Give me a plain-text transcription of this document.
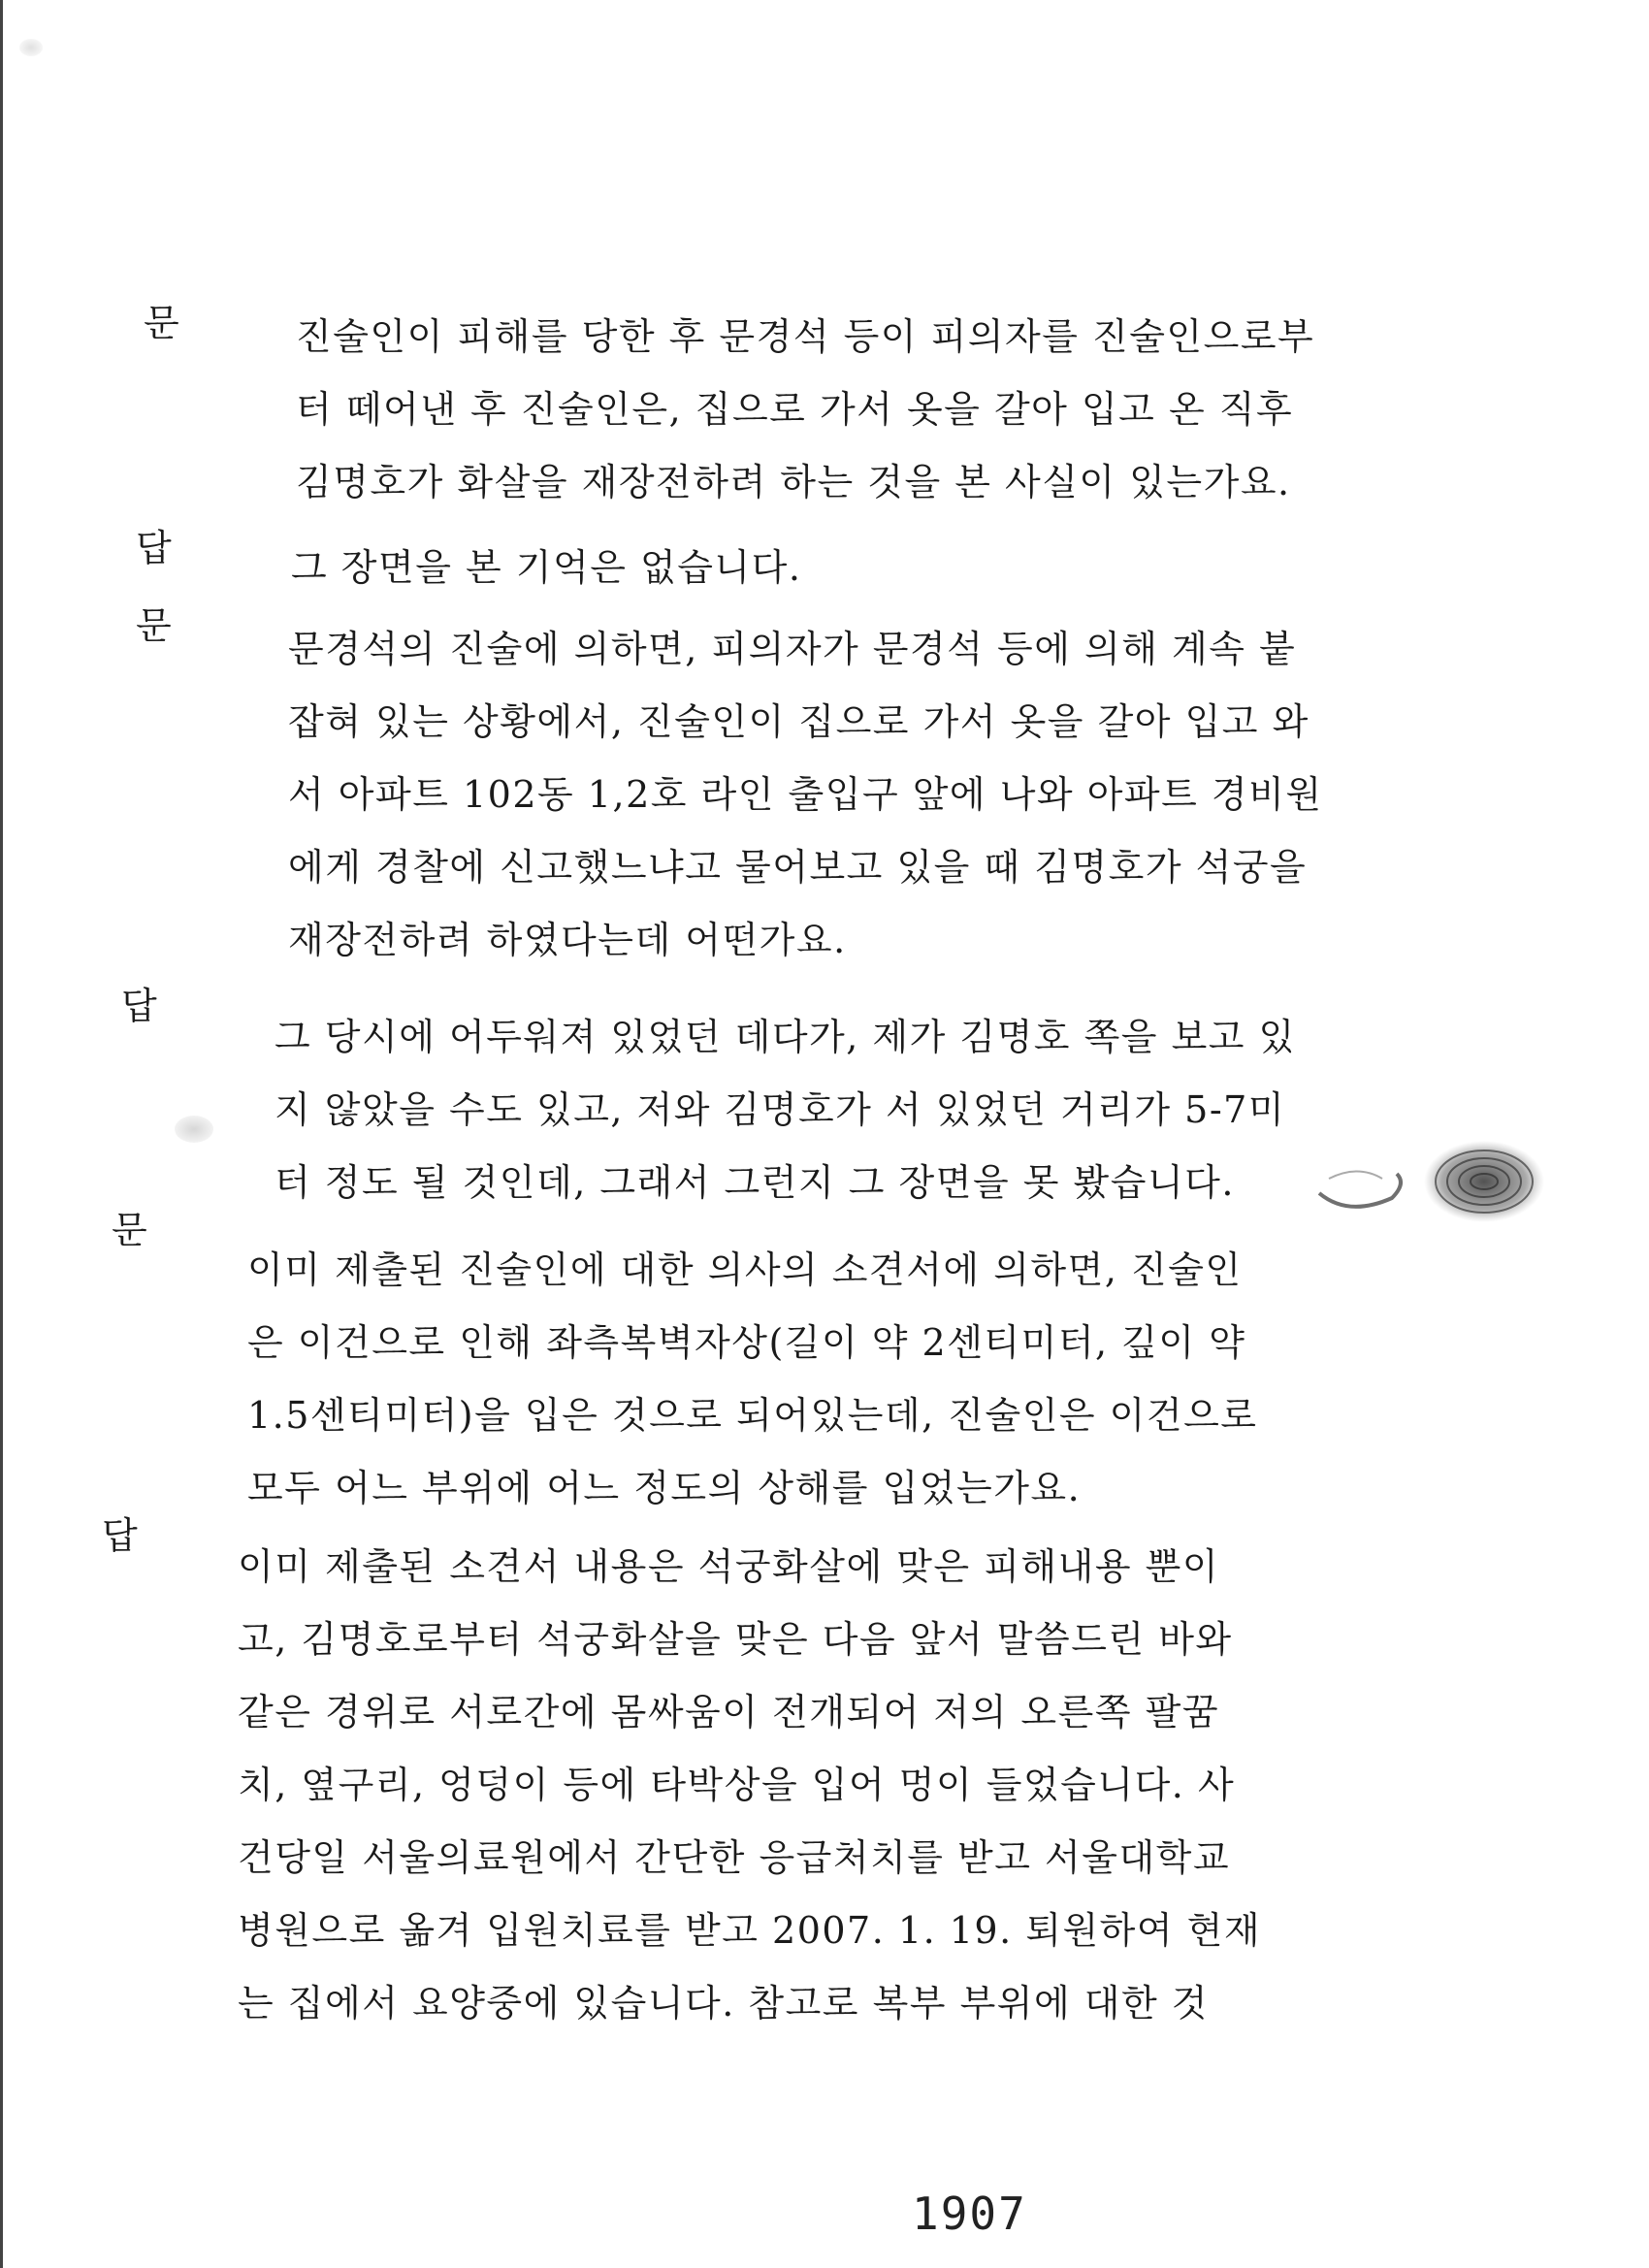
문	진술인이 피해를 당한 후 문경석 등이 피의자를 진술인으로부
터 떼어낸 후 진술인은, 집으로 가서 옷을 갈아 입고 온 직후
김명호가 화살을 재장전하려 하는 것을 본 사실이 있는가요.
답	그 장면을 본 기억은 없습니다.
문
문경석의 진술에 의하면, 피의자가 문경석 등에 의해 계속 붙
잡혀 있는 상황에서, 진술인이 집으로 가서 옷을 갈아 입고 와
서 아파트 102동 1,2호 라인 출입구 앞에 나와 아파트 경비원
에게 경찰에 신고했느냐고 물어보고 있을 때 김명호가 석궁을
재장전하려 하였다는데 어떤가요.
답
그 당시에 어두워져 있었던 데다가, 제가 김명호 쪽을 보고 있
지 않았을 수도 있고, 저와 김명호가 서 있었던 거리가 5-7미
터 정도 될 것인데, 그래서 그런지 그 장면을 못 봤습니다.
문
이미 제출된 진술인에 대한 의사의 소견서에 의하면, 진술인
은 이건으로 인해 좌측복벽자상(길이 약 2센티미터, 깊이 약
1.5센티미터)을 입은 것으로 되어있는데, 진술인은 이건으로
모두 어느 부위에 어느 정도의 상해를 입었는가요.
답
이미 제출된 소견서 내용은 석궁화살에 맞은 피해내용 뿐이
고, 김명호로부터 석궁화살을 맞은 다음 앞서 말씀드린 바와
같은 경위로 서로간에 몸싸움이 전개되어 저의 오른쪽 팔꿈
치, 옆구리, 엉덩이 등에 타박상을 입어 멍이 들었습니다. 사
건당일 서울의료원에서 간단한 응급처치를 받고 서울대학교
병원으로 옮겨 입원치료를 받고 2007. 1. 19. 퇴원하여 현재
는 집에서 요양중에 있습니다. 참고로 복부 부위에 대한 것
1907
